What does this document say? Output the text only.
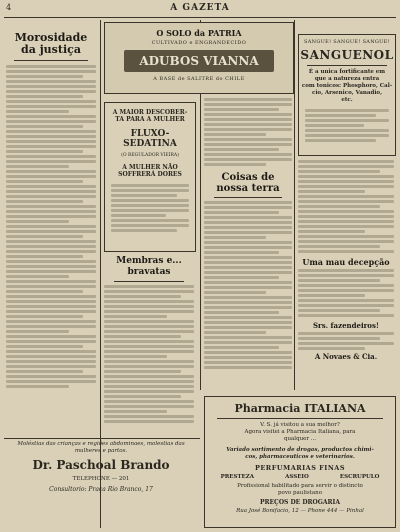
4	A GAZETA
Morosidade
da justiça
Moléstias das crianças e regiões abdominaes, molestias das mulheres e partos.
Dr. Paschoal Brando
TELEPHONE — 201
Consultorio: Praça Rio Branco, 17
O SOLO da PATRIA
CULTIVADO e ENGRANDECIDO
ADUBOS VIANNA
A BASE de SALITRE do CHILE
A MAIOR DESCOBER-
TA PARA A MULHER
FLUXO-SEDATINA
(O REGULADOR VIEIRA)
A MULHER NÃO
SOFFRERÁ DORES
Membras e... bravatas
Coisas de
nossa terra
SANGUE! SANGUE! SANGUE!
SANGUENOL
É a unica fortificante em
que a natureza entra
com tonicos: Phosphoro, Cal-
cio, Arsenico, Vanadio,
etc.
Uma mau decepção
Srs. fazendeiros!
A Novaes & Cia.
Pharmacia ITALIANA
V. S. já visitou a sua melhor?
Agora visitei a Pharmacia Italiana, para
qualquer ...
Variado sortimento de drogas, productos chimi-
cos, pharmaceuticos e veterinarios.
PERFUMARIAS FINAS
PRESTEZA	ASSEIO	ESCRUPULO
Profissional habilitado para servir o distincto
povo paulistano
PREÇOS DE DROGARIA
Rua José Bonifacio, 12 — Phone 444 — Pinhal
